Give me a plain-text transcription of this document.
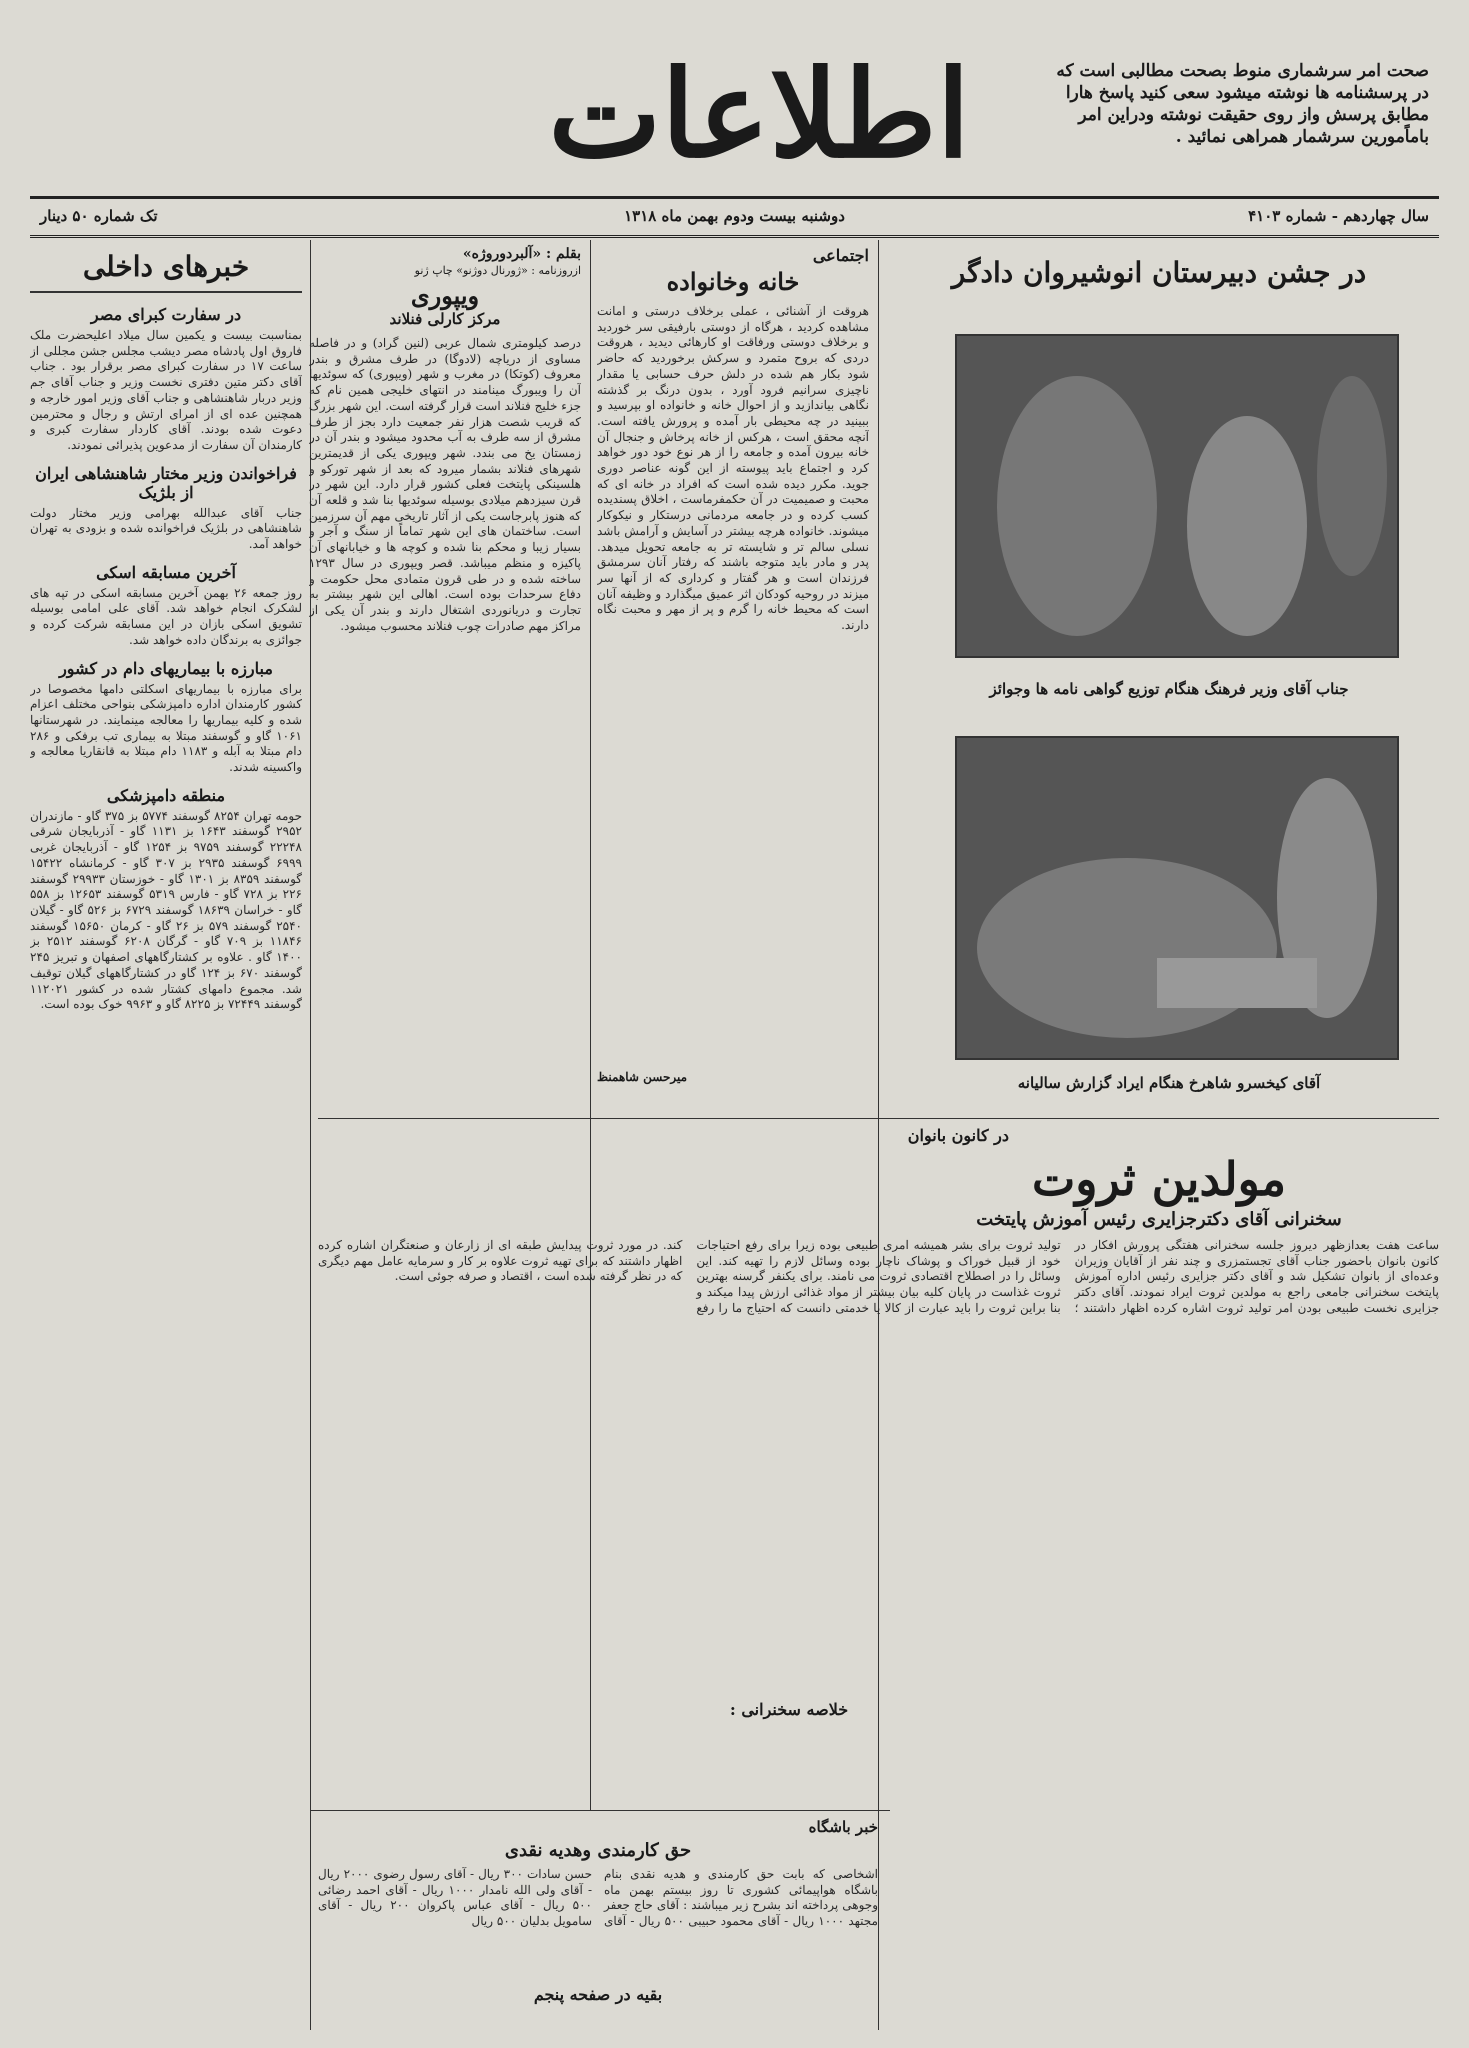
اطلاعات	صحت امر سرشماری منوط بصحت مطالبی است که در پرسشنامه ها نوشته میشود سعی کنید پاسخ هارا مطابق پرسش واز روی حقیقت نوشته ودراین امر باماًمورین سرشمار همراهی نمائید .
سال چهاردهم - شماره ۴۱۰۳
دوشنبه بیست ودوم بهمن ماه ۱۳۱۸
تک شماره ۵۰ دینار
در جشن دبیرستان انوشیروان دادگر
جناب آقای وزیر فرهنگ هنگام توزیع گواهی نامه ها وجوائز
آقای کیخسرو شاهرخ هنگام ایراد گزارش سالیانه
در کانون بانوان
مولدین ثروت
سخنرانی آقای دکترجزایری رئیس آموزش پایتخت
ساعت هفت بعدازظهر دیروز جلسه سخنرانی هفتگی پرورش افکار در کانون بانوان باحضور جناب آقای تجستمزری و چند نفر از آقایان وزیران وعده‌ای از بانوان تشکیل شد و آقای دکتر جزایری رئیس اداره آموزش پایتخت سخنرانی جامعی راجع به مولدین ثروت ایراد نمودند. آقای دکتر جزایری نخست طبیعی بودن امر تولید ثروت اشاره کرده اظهار داشتند ؛ تولید ثروت برای بشر همیشه امری طبیعی بوده زیرا برای رفع احتیاجات خود از قبیل خوراک و پوشاک ناچار بوده وسائل لازم را تهیه کند. این وسائل را در اصطلاح اقتصادی ثروت می نامند. برای یکنفر گرسنه بهترین ثروت غذاست در پایان کلیه بیان بیشتر از مواد غذائی ارزش پیدا میکند و بنا براین ثروت را باید عبارت از کالا یا خدمتی دانست که احتیاج ما را رفع کند. در مورد ثروت پیدایش طبقه ای از زارعان و صنعتگران اشاره کرده اظهار داشتند که برای تهیه ثروت علاوه بر کار و سرمایه عامل مهم دیگری که در نظر گرفته شده است ، اقتصاد و صرفه جوئی است.
خلاصه سخنرانی :
بقیه در صفحه پنجم
اجتماعی
خانه وخانواده
هروقت از آشنائی ، عملی برخلاف درستی و امانت مشاهده کردید ، هرگاه از دوستی بارفیقی سر خوردید و برخلاف دوستی ورفاقت او کارهائی دیدید ، هروقت دردی که بروح متمرد و سرکش برخوردید که حاضر شود بکار هم شده در دلش حرف حسابی یا مقدار ناچیزی سرانیم فرود آورد ، بدون درنگ بر گذشته نگاهی بیاندازید و از احوال خانه و خانواده او بپرسید و ببینید در چه محیطی بار آمده و پرورش یافته است. آنچه محقق است ، هرکس از خانه پرخاش و جنجال آن خانه بیرون آمده و جامعه را از هر نوع خود دور خواهد کرد و اجتماع باید پیوسته از این گونه عناصر دوری جوید. مکرر دیده شده است که افراد در خانه ای که محبت و صمیمیت در آن حکمفرماست ، اخلاق پسندیده کسب کرده و در جامعه مردمانی درستکار و نیکوکار میشوند. خانواده هرچه بیشتر در آسایش و آرامش باشد نسلی سالم تر و شایسته تر به جامعه تحویل میدهد. پدر و مادر باید متوجه باشند که رفتار آنان سرمشق فرزندان است و هر گفتار و کرداری که از آنها سر میزند در روحیه کودکان اثر عمیق میگذارد و وظیفه آنان است که محیط خانه را گرم و پر از مهر و محبت نگاه دارند.
میرحسن شاهمنظ
بقلم : «آلبردوروژه»
ازروزنامه : «ژورنال دوژنو» چاپ ژنو
ویپوری
مرکز کارلی فنلاند
درصد کیلومتری شمال عربی (لنین گراد) و در فاصله مساوی از دریاچه (لادوگا) در طرف مشرق و بندر معروف (کوتکا) در مغرب و شهر (ویپوری) که سوئدیها آن را ویبورگ مینامند در انتهای خلیجی همین نام که جزء خلیج فنلاند است قرار گرفته است. این شهر بزرگ که قریب شصت هزار نفر جمعیت دارد بجز از طرف مشرق از سه طرف به آب محدود میشود و بندر آن در زمستان یخ می بندد. شهر ویپوری یکی از قدیمترین شهرهای فنلاند بشمار میرود که بعد از شهر تورکو و هلسینکی پایتخت فعلی کشور قرار دارد. این شهر در قرن سیزدهم میلادی بوسیله سوئدیها بنا شد و قلعه آن که هنوز پابرجاست یکی از آثار تاریخی مهم آن سرزمین است. ساختمان های این شهر تماماً از سنگ و آجر و بسیار زیبا و محکم بنا شده و کوچه ها و خیابانهای آن پاکیزه و منظم میباشد. قصر ویپوری در سال ۱۲۹۳ ساخته شده و در طی قرون متمادی محل حکومت و دفاع سرحدات بوده است. اهالی این شهر بیشتر به تجارت و دریانوردی اشتغال دارند و بندر آن یکی از مراکز مهم صادرات چوب فنلاند محسوب میشود.
خبر باشگاه
حق کارمندی وهدیه نقدی
اشخاصی که بابت حق کارمندی و هدیه نقدی بنام باشگاه هواپیمائی کشوری تا روز بیستم بهمن ماه وجوهی پرداخته اند بشرح زیر میباشند : آقای حاج جعفر مجتهد ۱۰۰۰ ریال - آقای محمود حبیبی ۵۰۰ ریال - آقای حسن سادات ۳۰۰ ریال - آقای رسول رضوی ۲۰۰۰ ریال - آقای ولی الله نامدار ۱۰۰۰ ریال - آقای احمد رضائی ۵۰۰ ریال - آقای عباس پاکروان ۲۰۰ ریال - آقای سامویل بدلیان ۵۰۰ ریال
خبرهای داخلی
در سفارت کبرای مصر
بمناسبت بیست و یکمین سال میلاد اعلیحضرت ملک فاروق اول پادشاه مصر دیشب مجلس جشن مجللی از ساعت ۱۷ در سفارت کبرای مصر برقرار بود . جناب آقای دکتر متین دفتری نخست وزیر و جناب آقای جم وزیر دربار شاهنشاهی و جناب آقای وزیر امور خارجه و همچنین عده ای از امرای ارتش و رجال و محترمین دعوت شده بودند. آقای کاردار سفارت کبری و کارمندان آن سفارت از مدعوین پذیرائی نمودند.
فراخواندن وزیر مختار شاهنشاهی ایران از بلژیک
جناب آقای عبدالله بهرامی وزیر مختار دولت شاهنشاهی در بلژیک فراخوانده شده و بزودی به تهران خواهد آمد.
آخرین مسابقه اسکی
روز جمعه ۲۶ بهمن آخرین مسابقه اسکی در تپه های لشکرک انجام خواهد شد. آقای علی امامی بوسیله تشویق اسکی بازان در این مسابقه شرکت کرده و جوائزی به برندگان داده خواهد شد.
مبارزه با بیماریهای دام در کشور
برای مبارزه با بیماریهای اسکلتی دامها مخصوصا در کشور کارمندان اداره دامپزشکی بنواحی مختلف اعزام شده و کلیه بیماریها را معالجه مینمایند. در شهرستانها ۱۰۶۱ گاو و گوسفند مبتلا به بیماری تب برفکی و ۲۸۶ دام مبتلا به آبله و ۱۱۸۳ دام مبتلا به قانقاریا معالجه و واکسینه شدند.
منطقه دامپزشکی
حومه تهران ۸۲۵۴ گوسفند ۵۷۷۴ بز ۳۷۵ گاو - مازندران ۲۹۵۲ گوسفند ۱۶۴۳ بز ۱۱۳۱ گاو - آذربایجان شرقی ۲۲۲۴۸ گوسفند ۹۷۵۹ بز ۱۲۵۴ گاو - آذربایجان غربی ۶۹۹۹ گوسفند ۲۹۳۵ بز ۳۰۷ گاو - کرمانشاه ۱۵۴۲۲ گوسفند ۸۳۵۹ بز ۱۳۰۱ گاو - خوزستان ۲۹۹۳۳ گوسفند ۲۲۶ بز ۷۲۸ گاو - فارس ۵۳۱۹ گوسفند ۱۲۶۵۳ بز ۵۵۸ گاو - خراسان ۱۸۶۳۹ گوسفند ۶۷۲۹ بز ۵۲۶ گاو - گیلان ۲۵۴۰ گوسفند ۵۷۹ بز ۲۶ گاو - کرمان ۱۵۶۵۰ گوسفند ۱۱۸۴۶ بز ۷۰۹ گاو - گرگان ۶۲۰۸ گوسفند ۲۵۱۲ بز ۱۴۰۰ گاو . علاوه بر کشتارگاههای اصفهان و تبریز ۲۴۵ گوسفند ۶۷۰ بز ۱۲۴ گاو در کشتارگاههای گیلان توقیف شد. مجموع دامهای کشتار شده در کشور ۱۱۲۰۲۱ گوسفند ۷۲۴۴۹ بز ۸۲۲۵ گاو و ۹۹۶۳ خوک بوده است.
